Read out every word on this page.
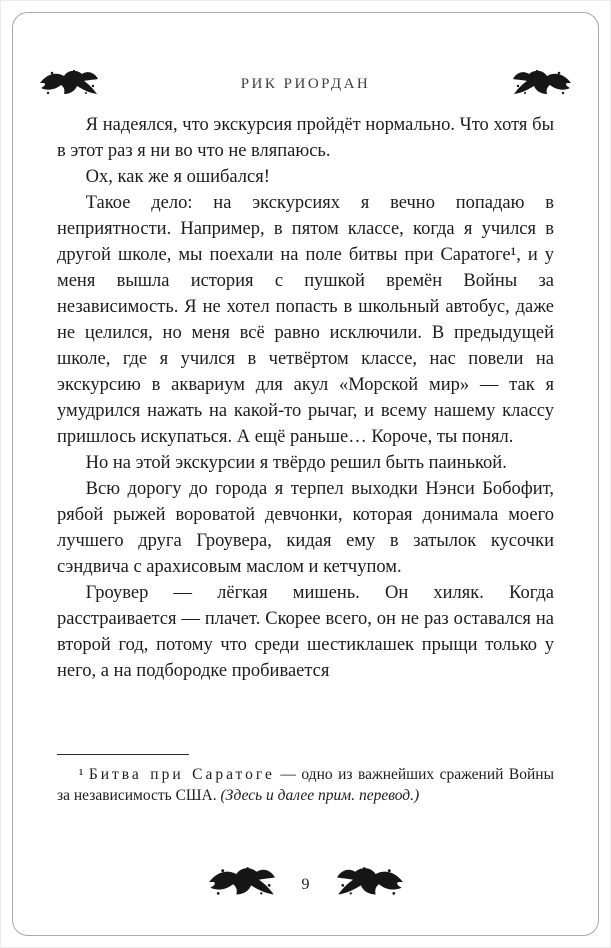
РИК РИОРДАН

Я надеялся, что экскурсия пройдёт нормально. Что хотя бы в этот раз я ни во что не вляпаюсь.

Ох, как же я ошибался!

Такое дело: на экскурсиях я вечно попадаю в неприятности. Например, в пятом классе, когда я учился в другой школе, мы поехали на поле битвы при Саратоге¹, и у меня вышла история с пушкой времён Войны за независимость. Я не хотел попасть в школьный автобус, даже не целился, но меня всё равно исключили. В предыдущей школе, где я учился в четвёртом классе, нас повели на экскурсию в аквариум для акул «Морской мир» — так я умудрился нажать на какой-то рычаг, и всему нашему классу пришлось искупаться. А ещё раньше… Короче, ты понял.

Но на этой экскурсии я твёрдо решил быть паинькой.

Всю дорогу до города я терпел выходки Нэнси Бобофит, рябой рыжей вороватой девчонки, которая донимала моего лучшего друга Гроувера, кидая ему в затылок кусочки сэндвича с арахисовым маслом и кетчупом.

Гроувер — лёгкая мишень. Он хиляк. Когда расстраивается — плачет. Скорее всего, он не раз оставался на второй год, потому что среди шестиклашек прыщи только у него, а на подбородке пробивается

¹ Битва при Саратоге — одно из важнейших сражений Войны за независимость США. (Здесь и далее прим. перевод.)
9
